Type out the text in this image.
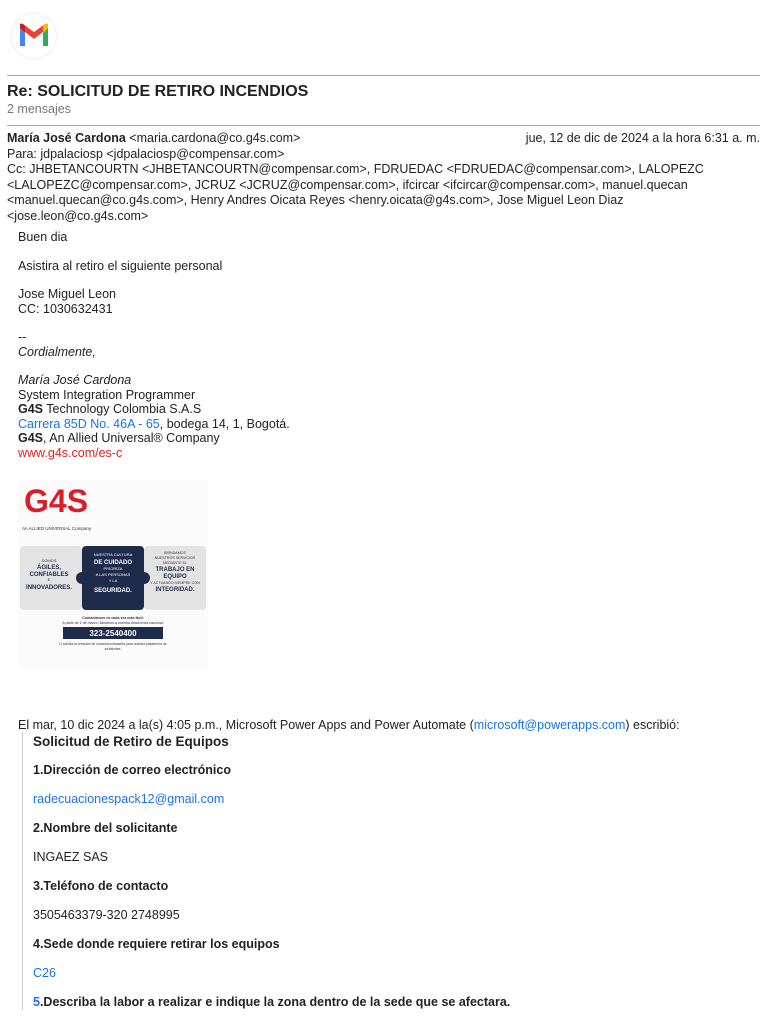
Re: SOLICITUD DE RETIRO INCENDIOS
2 mensajes
María José Cardona <maria.cardona@co.g4s.com>	jue, 12 de dic de 2024 a la hora 6:31 a. m.
Para: jdpalaciosp <jdpalaciosp@compensar.com>
Cc: JHBETANCOURTN <JHBETANCOURTN@compensar.com>, FDRUEDAC <FDRUEDAC@compensar.com>, LALOPEZC
<LALOPEZC@compensar.com>, JCRUZ <JCRUZ@compensar.com>, ifcircar <ifcircar@compensar.com>, manuel.quecan
<manuel.quecan@co.g4s.com>, Henry Andres Oicata Reyes <henry.oicata@g4s.com>, Jose Miguel Leon Diaz <jose.leon@co.g4s.com>

Buen dia

Asistira al retiro el siguiente personal

Jose Miguel Leon

CC: 1030632431

--

Cordialmente,

María José Cardona

System Integration Programmer

G4S Technology Colombia S.A.S

Carrera 85D No. 46A - 65, bodega 14, 1, Bogotá.

G4S, An Allied Universal® Company

www.g4s.com/es-c

G4S
An ALLIED UNIVERSAL Company
SOMOS
ÁGILES,
CONFIABLES
E
INNOVADORES.
NUESTRA CULTURA
DE CUIDADO
PRIORIZA
A LAS PERSONAS
Y LA
SEGURIDAD.
BRINDAMOS
NUESTROS SERVICIOS
MEDIANTE EL
TRABAJO EN
EQUIPO
Y ACTUANDO SIEMPRE CON
INTEGRIDAD.
Contactarnos es cada vez más fácil:
A partir de 1 de marzo, llámanos a nuestra única línea nacional:
323-2540400
O solicita la creación de usuario/contraseña para nuestra plataforma de
solicitudes.
El mar, 10 dic 2024 a la(s) 4:05 p.m., Microsoft Power Apps and Power Automate (microsoft@powerapps.com) escribió:
Solicitud de Retiro de Equipos
1.Dirección de correo electrónico
radecuacionespack12@gmail.com
2.Nombre del solicitante
INGAEZ SAS
3.Teléfono de contacto
3505463379-320 2748995
4.Sede donde requiere retirar los equipos
C26
5.Describa la labor a realizar e indique la zona dentro de la sede que se afectara.
